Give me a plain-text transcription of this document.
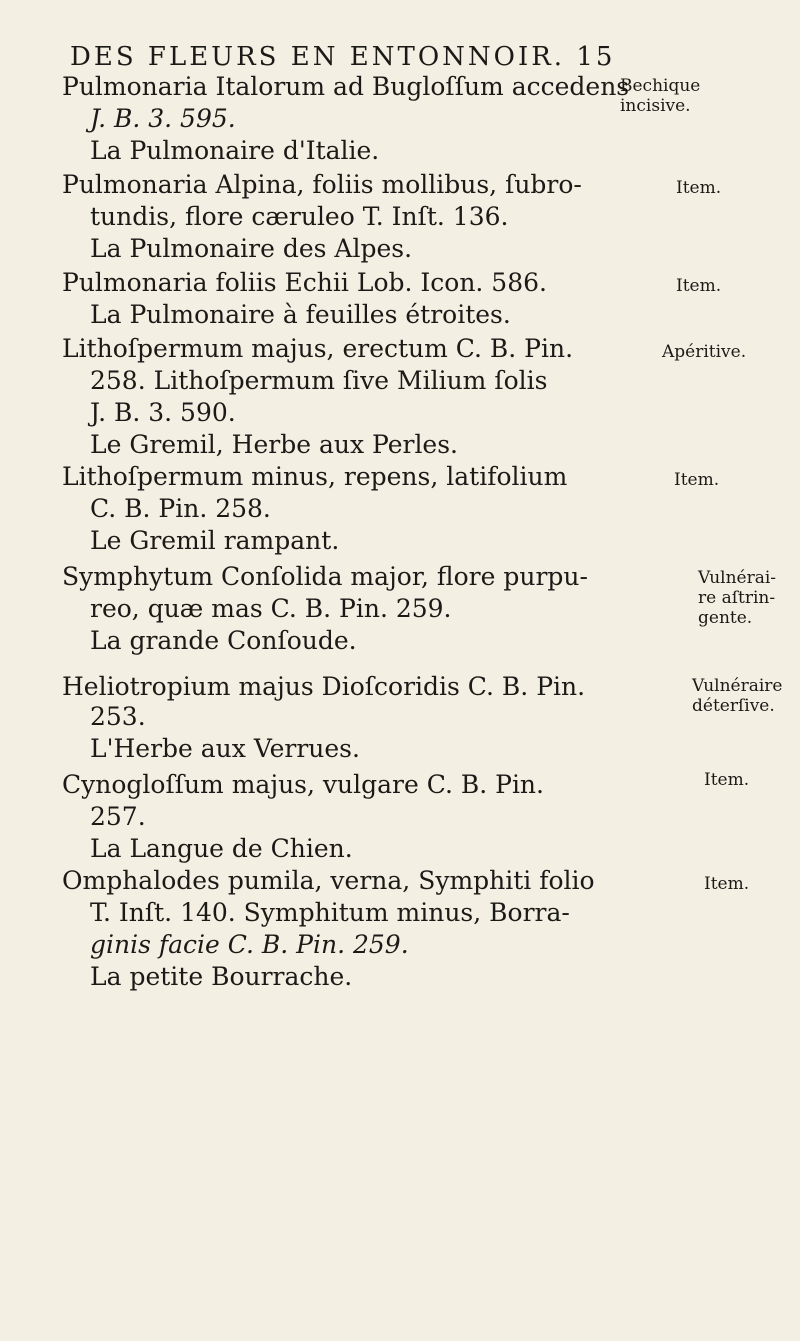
DES FLEURS EN ENTONNOIR. 15
Pulmonaria Italorum ad Bugloſſum accedens
J. B. 3. 595.
La Pulmonaire d'Italie.
Bechique
incisive.
Pulmonaria Alpina, foliis mollibus, ſubro-
tundis, flore cæruleo T. Inſt. 136.
La Pulmonaire des Alpes.
Item.
Pulmonaria foliis Echii Lob. Icon. 586.
La Pulmonaire à feuilles étroites.
Item.
Lithoſpermum majus, erectum C. B. Pin.
258. Lithoſpermum ſive Milium ſolis
J. B. 3. 590.
Le Gremil, Herbe aux Perles.
Apéritive.
Lithoſpermum minus, repens, latifolium
C. B. Pin. 258.
Le Gremil rampant.
Item.
Symphytum Conſolida major, flore purpu-
reo, quæ mas C. B. Pin. 259.
La grande Conſoude.
Vulnérai-
re aſtrin-
gente.
Heliotropium majus Dioſcoridis C. B. Pin.
253.
L'Herbe aux Verrues.
Vulnéraire
déterſive.
Cynogloſſum majus, vulgare C. B. Pin.
257.
La Langue de Chien.
Item.
Omphalodes pumila, verna, Symphiti folio
T. Inſt. 140. Symphitum minus, Borra-
ginis facie C. B. Pin. 259.
La petite Bourrache.
Item.
